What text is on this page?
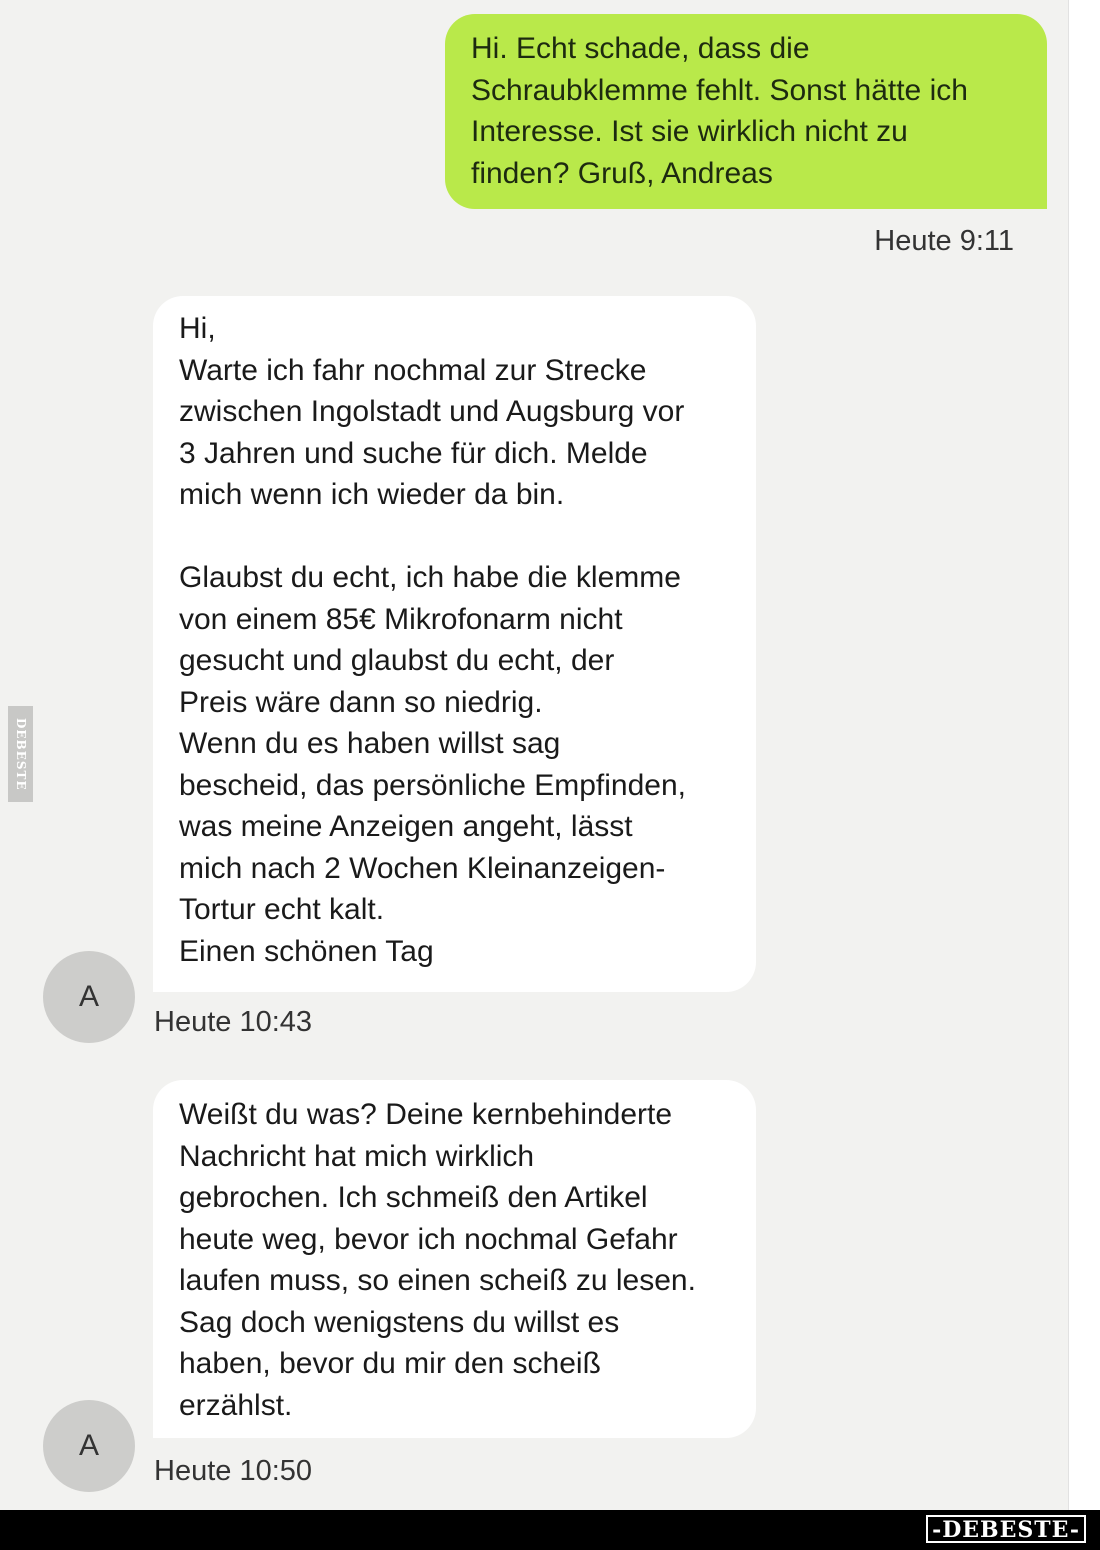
Hi. Echt schade, dass die
Schraubklemme fehlt. Sonst hätte ich
Interesse. Ist sie wirklich nicht zu
finden? Gruß, Andreas
Heute 9:11
Hi,
Warte ich fahr nochmal zur Strecke
zwischen Ingolstadt und Augsburg vor
3 Jahren und suche für dich. Melde
mich wenn ich wieder da bin.

Glaubst du echt, ich habe die klemme
von einem 85€ Mikrofonarm nicht
gesucht und glaubst du echt, der
Preis wäre dann so niedrig.
Wenn du es haben willst sag
bescheid, das persönliche Empfinden,
was meine Anzeigen angeht, lässt
mich nach 2 Wochen Kleinanzeigen-
Tortur echt kalt.
Einen schönen Tag
A
Heute 10:43
Weißt du was? Deine kernbehinderte
Nachricht hat mich wirklich
gebrochen. Ich schmeiß den Artikel
heute weg, bevor ich nochmal Gefahr
laufen muss, so einen scheiß zu lesen.
Sag doch wenigstens du willst es
haben, bevor du mir den scheiß
erzählst.
A
Heute 10:50
DEBESTE
-DEBESTE-
